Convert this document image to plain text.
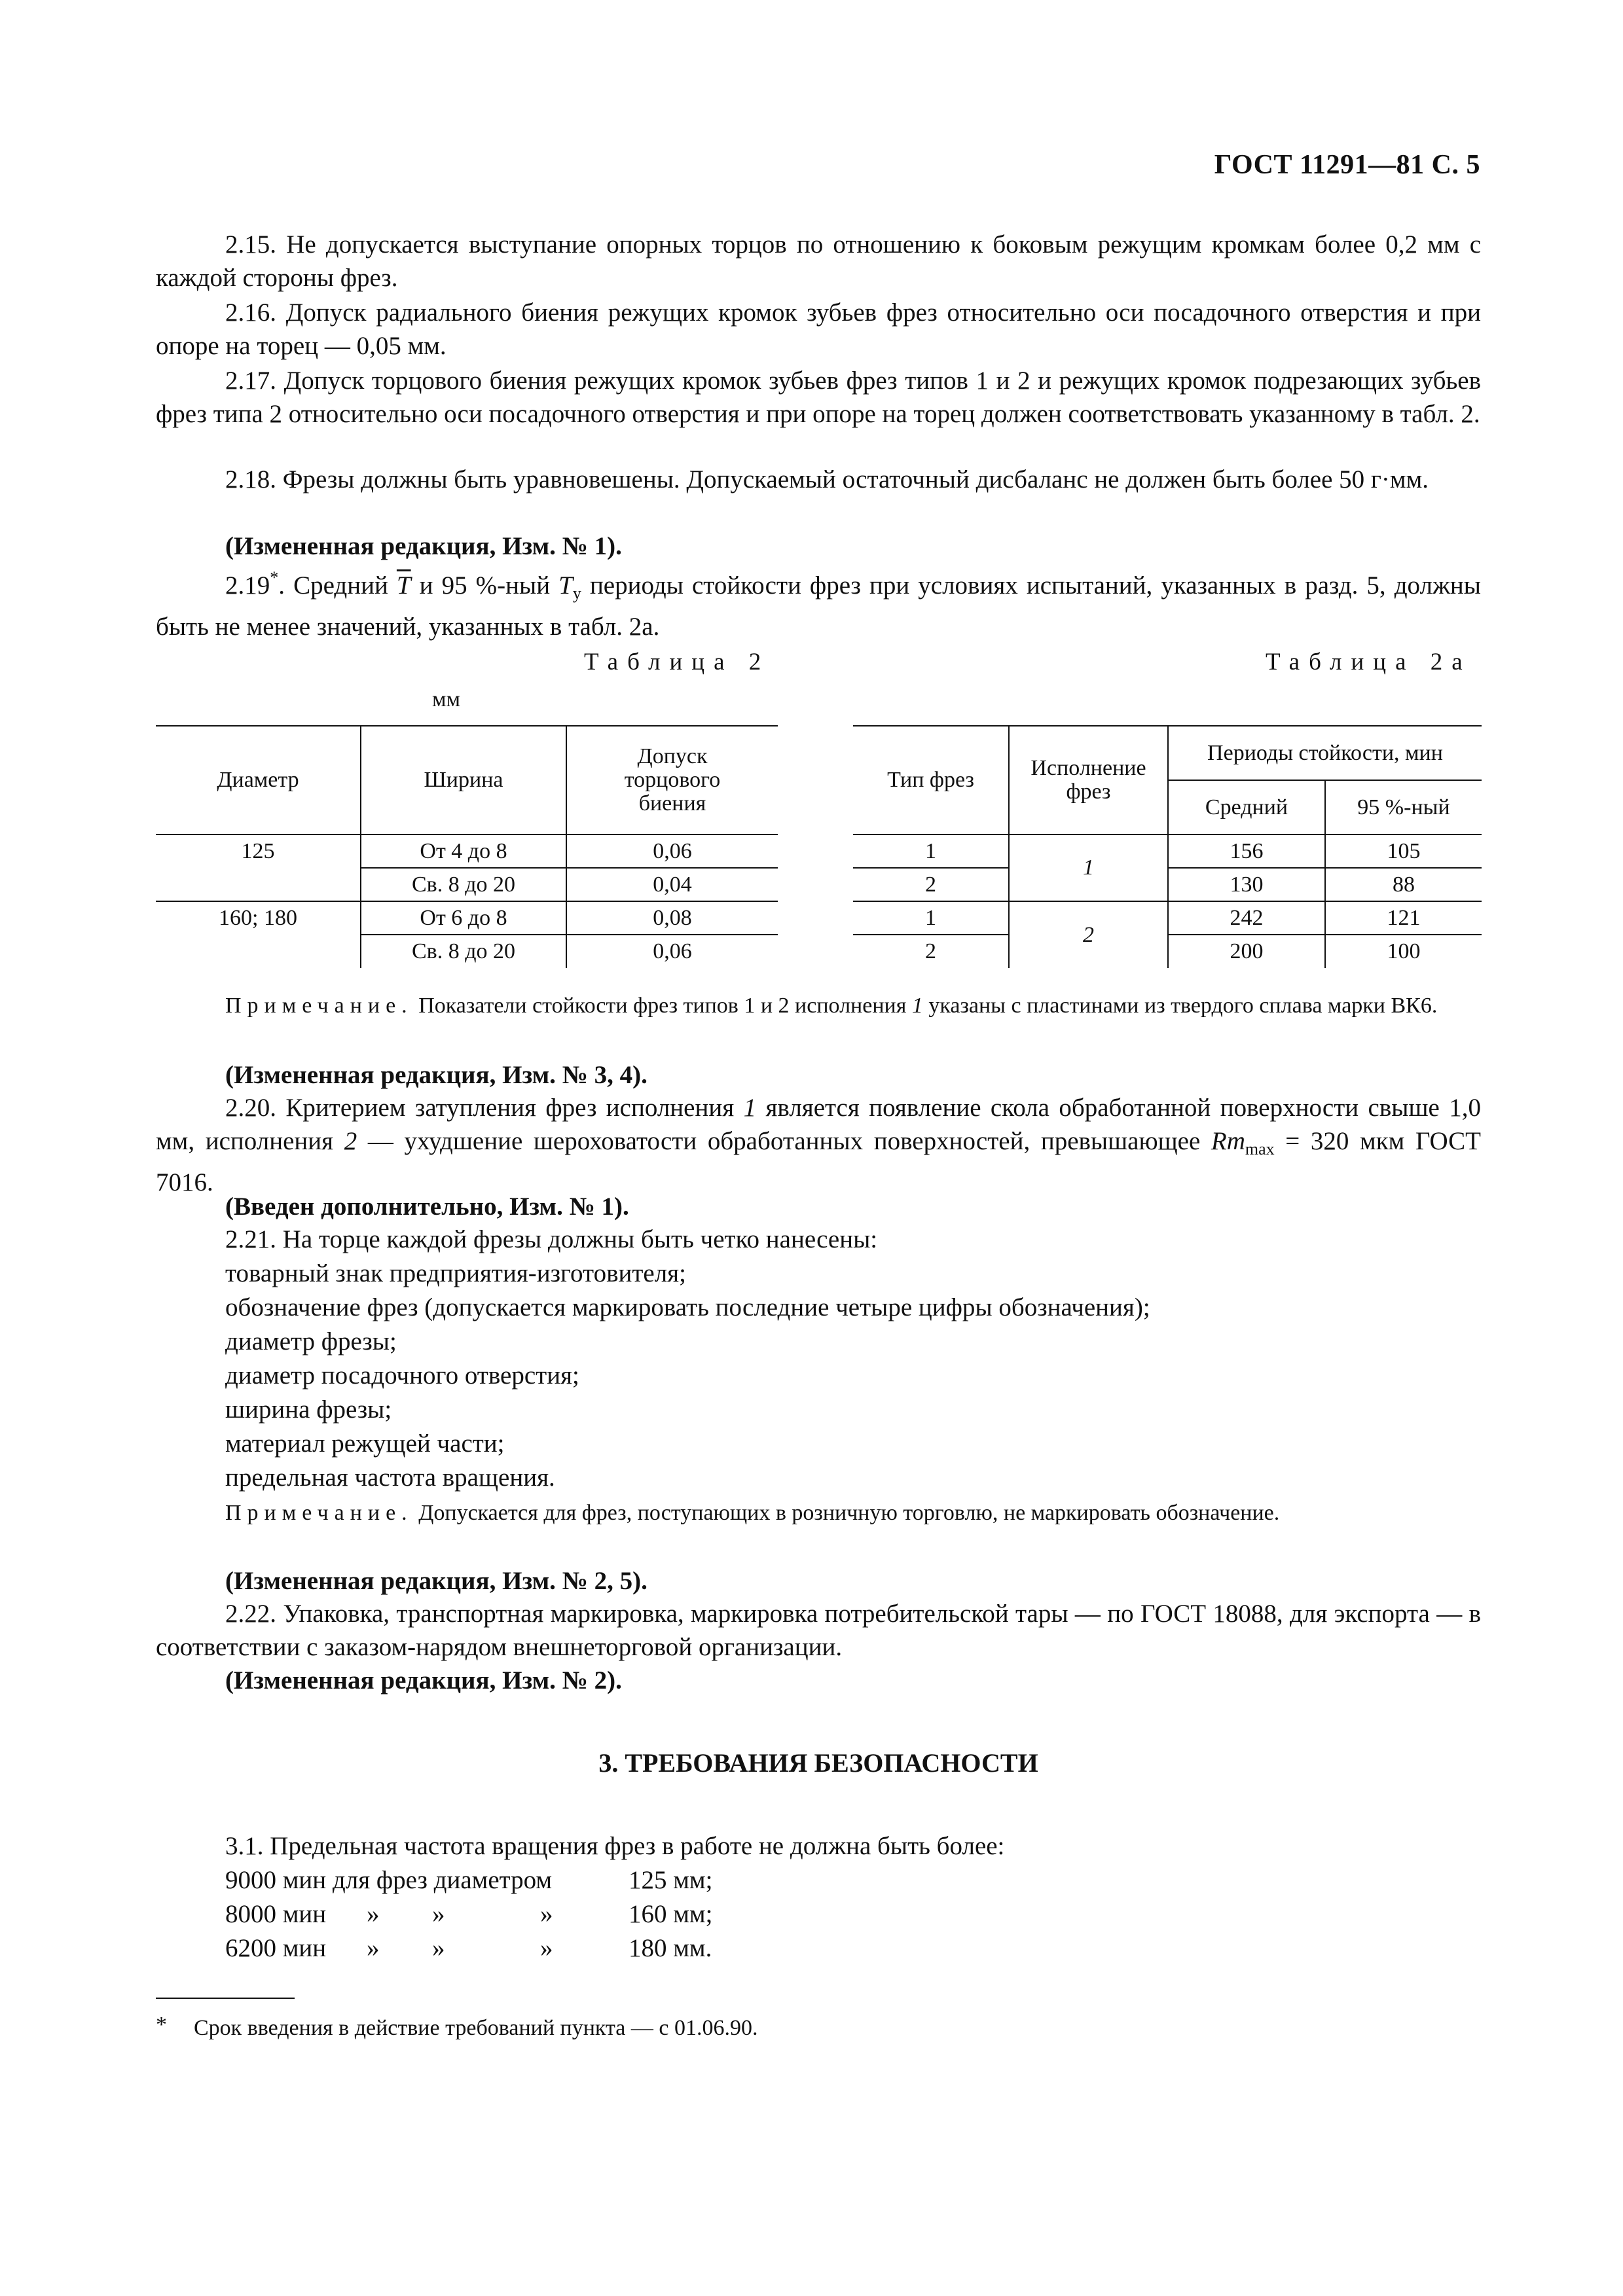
ГОСТ 11291—81 С. 5
2.15. Не допускается выступание опорных торцов по отношению к боковым режущим кромкам более 0,2 мм с каждой стороны фрез.
2.16. Допуск радиального биения режущих кромок зубьев фрез относительно оси посадочного отверстия и при опоре на торец — 0,05 мм.
2.17. Допуск торцового биения режущих кромок зубьев фрез типов 1 и 2 и режущих кромок подрезающих зубьев фрез типа 2 относительно оси посадочного отверстия и при опоре на торец должен соответствовать указанному в табл. 2.
2.18. Фрезы должны быть уравновешены. Допускаемый остаточный дисбаланс не должен быть более 50 г·мм.
(Измененная редакция, Изм. № 1).
2.19*. Средний $\overline{T}$ и 95 %-ный $T_у$ периоды стойкости фрез при условиях испытаний, указанных в разд. 5, должны быть не менее значений, указанных в табл. 2а.
Таблица 2
мм
Диаметр	Ширина	Допуск торцового биения
125	От 4 до 8	0,06
	Св. 8 до 20	0,04
160; 180	От 6 до 8	0,08
	Св. 8 до 20	0,06
Таблица 2а
Тип фрез	Исполнение фрез	Периоды стойкости, мин	
		Средний	95 %-ный
1	1	156	105
2		130	88
1	2	242	121
2		200	100
Примечание. Показатели стойкости фрез типов 1 и 2 исполнения 1 указаны с пластинами из твердого сплава марки ВК6.
(Измененная редакция, Изм. № 3, 4).
2.20. Критерием затупления фрез исполнения 1 является появление скола обработанной поверхности свыше 1,0 мм, исполнения 2 — ухудшение шероховатости обработанных поверхностей, превышающее $Rm_{max} = 320$ мкм ГОСТ 7016.
(Введен дополнительно, Изм. № 1).
2.21. На торце каждой фрезы должны быть четко нанесены:
товарный знак предприятия-изготовителя;
обозначение фрез (допускается маркировать последние четыре цифры обозначения);
диаметр фрезы;
диаметр посадочного отверстия;
ширина фрезы;
материал режущей части;
предельная частота вращения.
Примечание. Допускается для фрез, поступающих в розничную торговлю, не маркировать обозначение.
(Измененная редакция, Изм. № 2, 5).
2.22. Упаковка, транспортная маркировка, маркировка потребительской тары — по ГОСТ 18088, для экспорта — в соответствии с заказом-нарядом внешнеторговой организации.
(Измененная редакция, Изм. № 2).
3. ТРЕБОВАНИЯ БЕЗОПАСНОСТИ
3.1. Предельная частота вращения фрез в работе не должна быть более:
9000 мин для фрез диаметром	125 мм;
8000 мин » »	»	160 мм;
6200 мин » »	»	180 мм.
* Срок введения в действие требований пункта — с 01.06.90.
